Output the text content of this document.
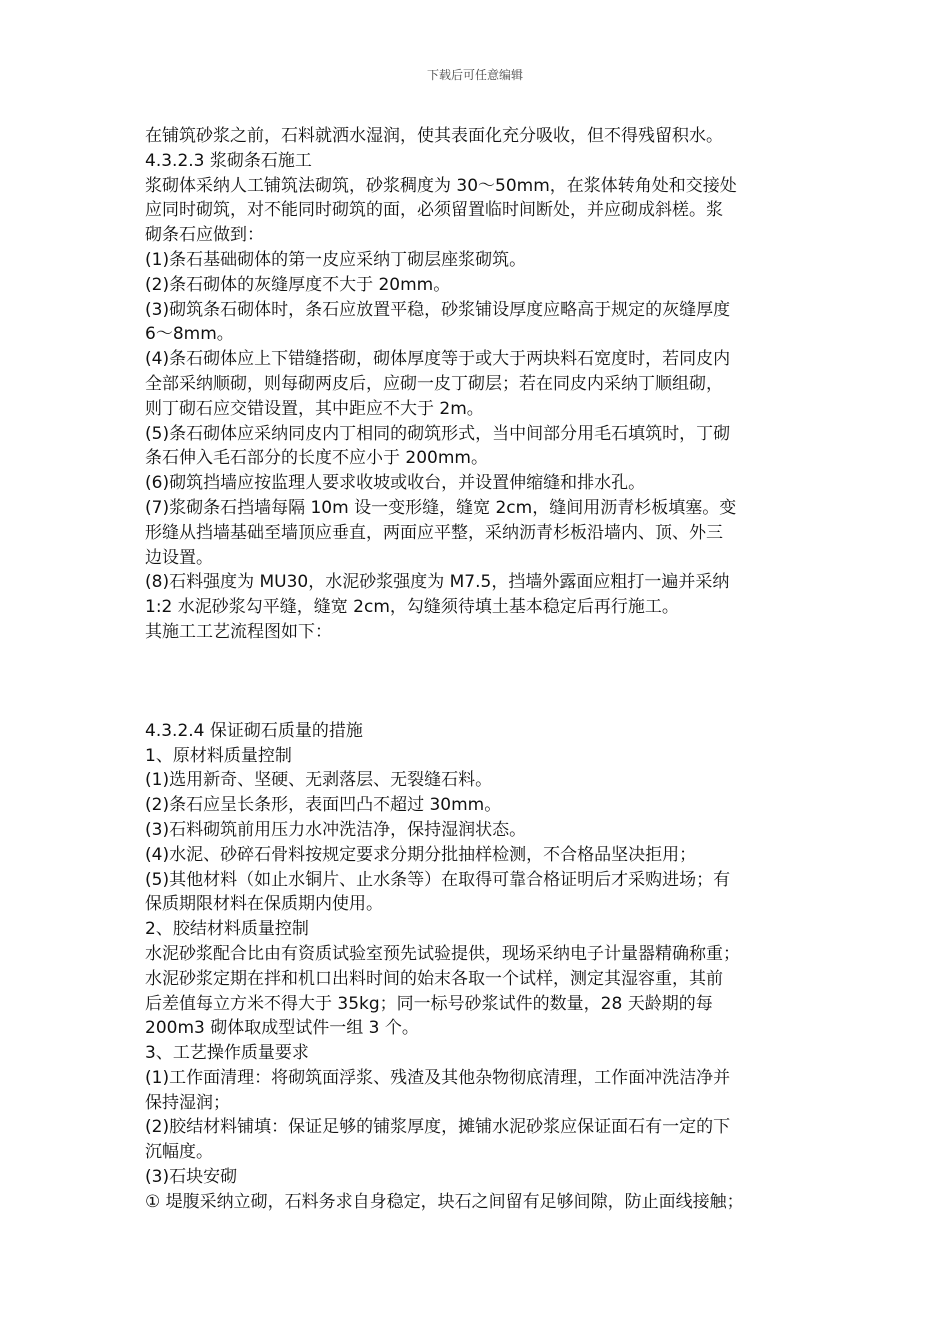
下载后可任意编辑
在铺筑砂浆之前，石料就洒水湿润，使其表面化充分吸收，但不得残留积水。
4.3.2.3 浆砌条石施工
浆砌体采纳人工铺筑法砌筑，砂浆稠度为 30～50mm，在浆体转角处和交接处
应同时砌筑，对不能同时砌筑的面，必须留置临时间断处，并应砌成斜槎。浆
砌条石应做到：
(1)条石基础砌体的第一皮应采纳丁砌层座浆砌筑。
(2)条石砌体的灰缝厚度不大于 20mm。
(3)砌筑条石砌体时，条石应放置平稳，砂浆铺设厚度应略高于规定的灰缝厚度
6～8mm。
(4)条石砌体应上下错缝搭砌，砌体厚度等于或大于两块料石宽度时，若同皮内
全部采纳顺砌，则每砌两皮后，应砌一皮丁砌层；若在同皮内采纳丁顺组砌，
则丁砌石应交错设置，其中距应不大于 2m。
(5)条石砌体应采纳同皮内丁相同的砌筑形式，当中间部分用毛石填筑时，丁砌
条石伸入毛石部分的长度不应小于 200mm。
(6)砌筑挡墙应按监理人要求收坡或收台，并设置伸缩缝和排水孔。
(7)浆砌条石挡墙每隔 10m 设一变形缝，缝宽 2cm，缝间用沥青杉板填塞。变
形缝从挡墙基础至墙顶应垂直，两面应平整，采纳沥青杉板沿墙内、顶、外三
边设置。
(8)石料强度为 MU30，水泥砂浆强度为 M7.5，挡墙外露面应粗打一遍并采纳
1:2 水泥砂浆勾平缝，缝宽 2cm，勾缝须待填土基本稳定后再行施工。
其施工工艺流程图如下：
4.3.2.4 保证砌石质量的措施
1、原材料质量控制
(1)选用新奇、坚硬、无剥落层、无裂缝石料。
(2)条石应呈长条形，表面凹凸不超过 30mm。
(3)石料砌筑前用压力水冲洗洁净，保持湿润状态。
(4)水泥、砂碎石骨料按规定要求分期分批抽样检测，不合格品坚决拒用；
(5)其他材料（如止水铜片、止水条等）在取得可靠合格证明后才采购进场；有
保质期限材料在保质期内使用。
2、胶结材料质量控制
水泥砂浆配合比由有资质试验室预先试验提供，现场采纳电子计量器精确称重；
水泥砂浆定期在拌和机口出料时间的始末各取一个试样，测定其湿容重，其前
后差值每立方米不得大于 35kg；同一标号砂浆试件的数量，28 天龄期的每
200m3 砌体取成型试件一组 3 个。
3、工艺操作质量要求
(1)工作面清理：将砌筑面浮浆、残渣及其他杂物彻底清理，工作面冲洗洁净并
保持湿润；
(2)胶结材料铺填：保证足够的铺浆厚度，摊铺水泥砂浆应保证面石有一定的下
沉幅度。
(3)石块安砌
① 堤腹采纳立砌，石料务求自身稳定，块石之间留有足够间隙，防止面线接触；
